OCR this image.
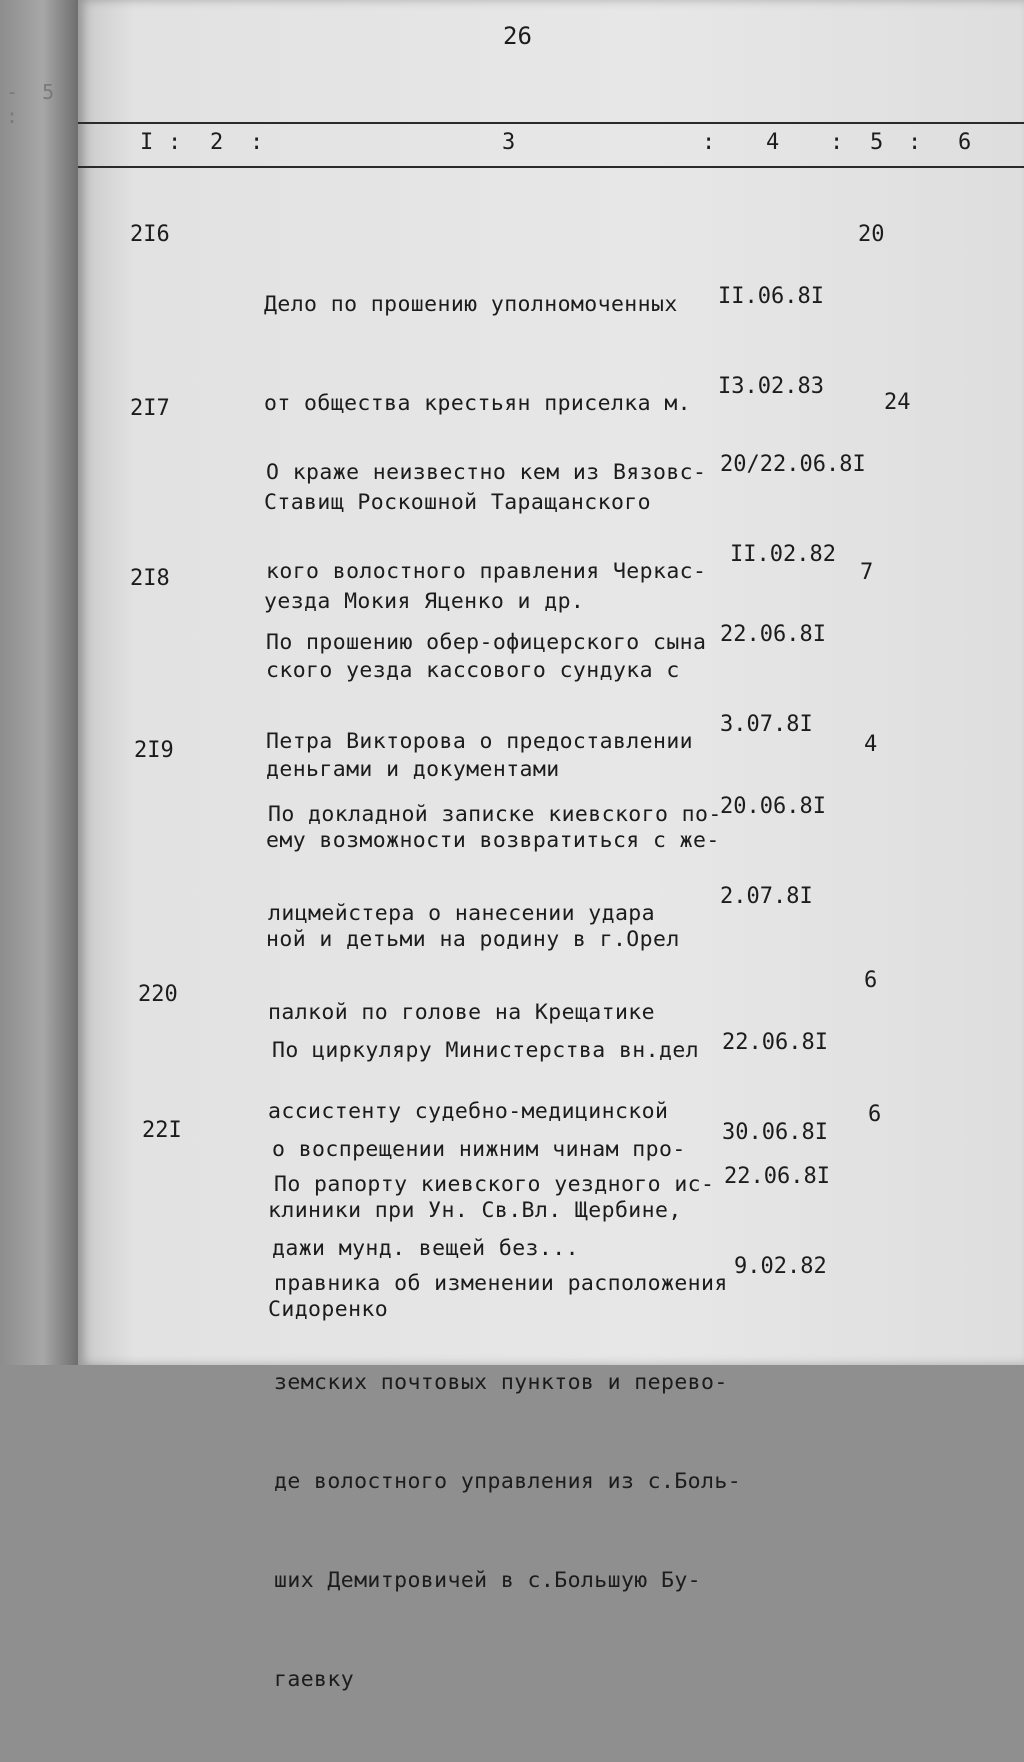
- 5 :
26
I : 2 :	3	: 4 : 5 : 6
2I6

Дело по прошению уполномоченных

от общества крестьян приселка м.

Ставищ Роскошной Таращанского

уезда Мокия Яценко и др.

II.06.8I

I3.02.83

20
2I7

О краже неизвестно кем из Вязовс-

кого волостного правления Черкас-

ского уезда кассового сундука с

деньгами и документами

20/22.06.8I

II.02.82

24
2I8

По прошению обер-офицерского сына

Петра Викторова о предоставлении

ему возможности возвратиться с же-

ной и детьми на родину в г.Орел

22.06.8I

3.07.8I

7
2I9

По докладной записке киевского по-

лицмейстера о нанесении удара

палкой по голове на Крещатике

ассистенту судебно-медицинской

клиники при Ун. Св.Вл. Щербине,

Сидоренко

20.06.8I

2.07.8I

4
220

По циркуляру Министерства вн.дел

о воспрещении нижним чинам про-

дажи мунд. вещей без...

22.06.8I

30.06.8I

6
22I

По рапорту киевского уездного ис-

правника об изменении расположения

земских почтовых пунктов и перево-

де волостного управления из с.Боль-

ших Демитровичей в с.Большую Бу-

гаевку

22.06.8I

9.02.82

6
